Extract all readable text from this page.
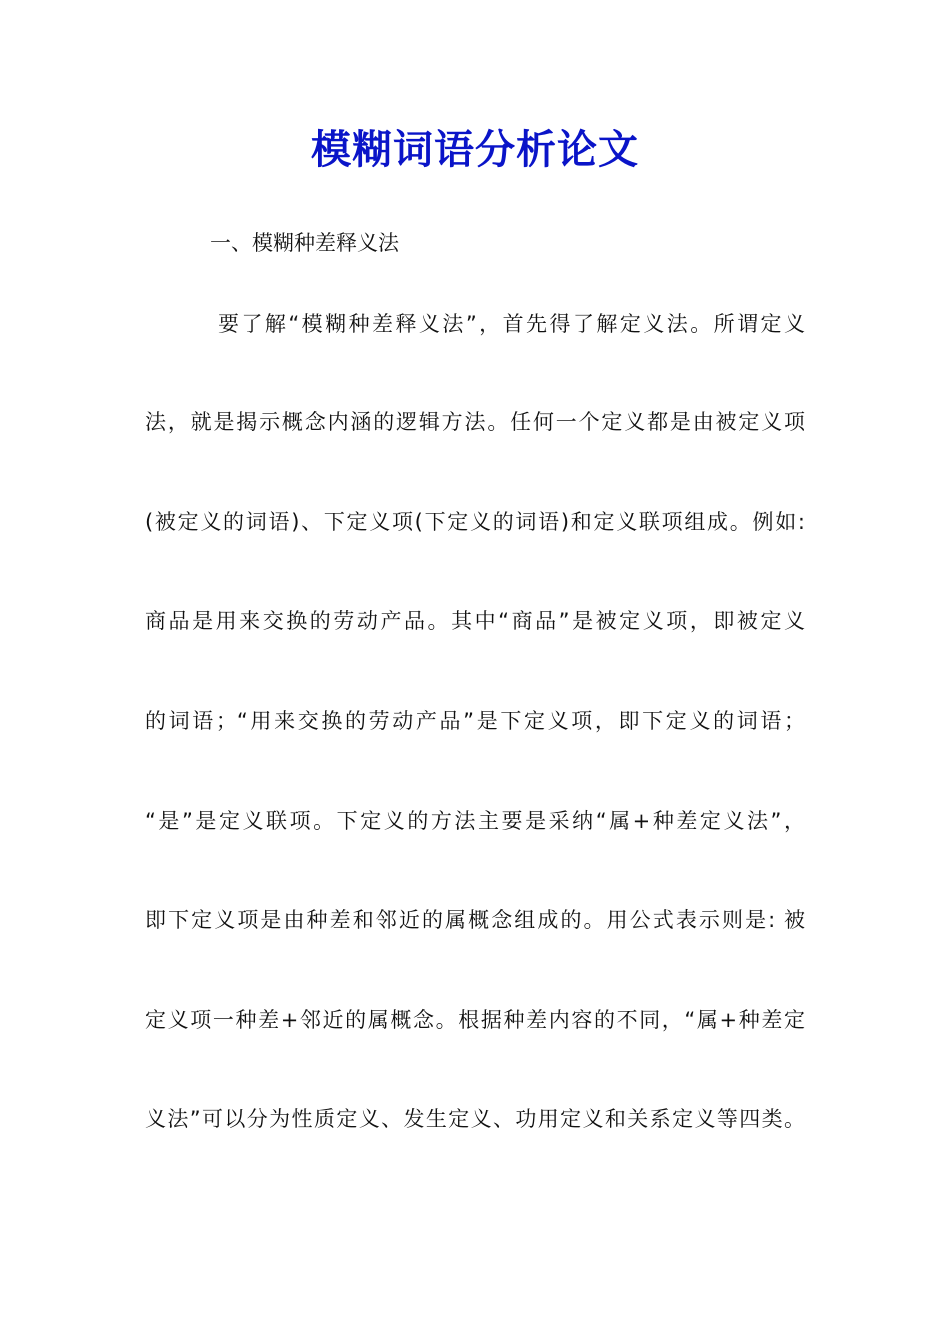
模糊词语分析论文
一、模糊种差释义法
要了解“模糊种差释义法”，首先得了解定义法。所谓定义
法，就是揭示概念内涵的逻辑方法。任何一个定义都是由被定义项
(被定义的词语)、下定义项(下定义的词语)和定义联项组成。例如:
商品是用来交换的劳动产品。其中“商品”是被定义项，即被定义
的词语；“用来交换的劳动产品”是下定义项，即下定义的词语；
“是”是定义联项。下定义的方法主要是采纳“属+种差定义法”，
即下定义项是由种差和邻近的属概念组成的。用公式表示则是: 被
定义项一种差+邻近的属概念。根据种差内容的不同，“属+种差定
义法”可以分为性质定义、发生定义、功用定义和关系定义等四类。
